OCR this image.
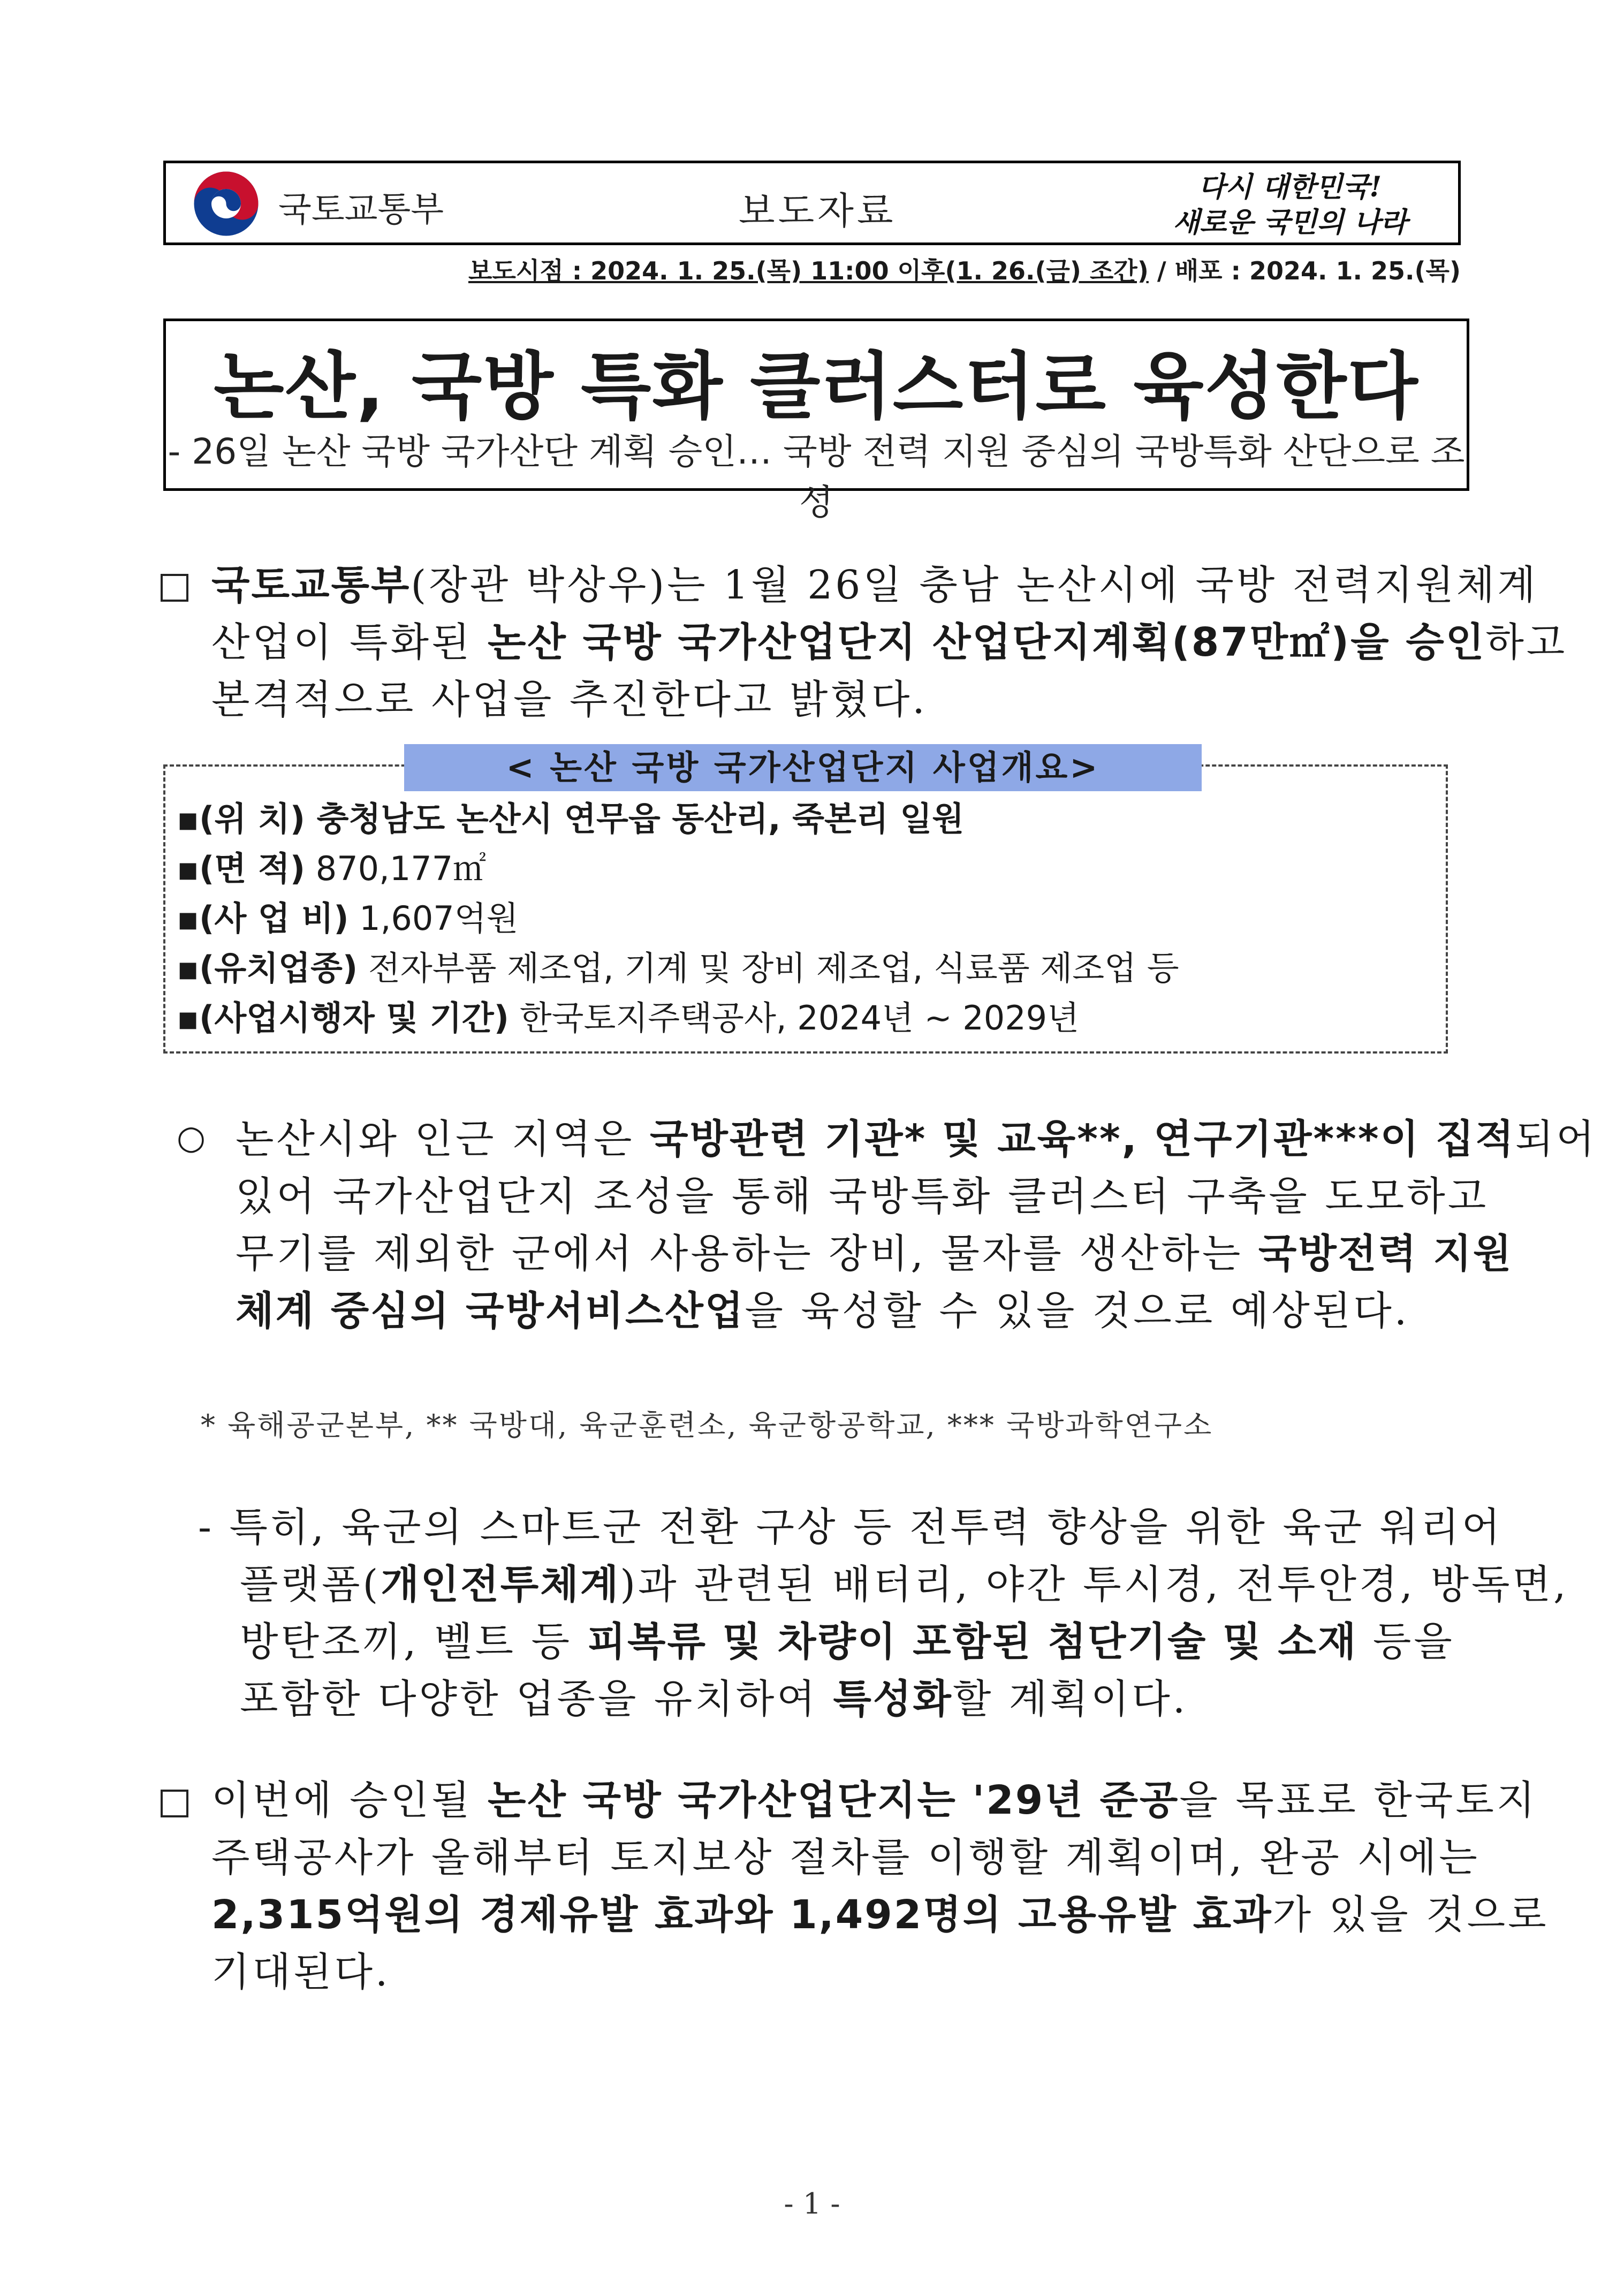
국토교통부	보도자료
다시 대한민국!
새로운 국민의 나라
보도시점 : 2024. 1. 25.(목) 11:00 이후(1. 26.(금) 조간) / 배포 : 2024. 1. 25.(목)
논산, 국방 특화 클러스터로 육성한다
- 26일 논산 국방 국가산단 계획 승인… 국방 전력 지원 중심의 국방특화 산단으로 조성
국토교통부(장관 박상우)는 1월 26일 충남 논산시에 국방 전력지원체계
산업이 특화된 논산 국방 국가산업단지 산업단지계획(87만㎡)을 승인하고
본격적으로 사업을 추진한다고 밝혔다.
< 논산 국방 국가산업단지 사업개요>
▪(위 치) 충청남도 논산시 연무읍 동산리, 죽본리 일원
▪(면 적) 870,177㎡
▪(사 업 비) 1,607억원
▪(유치업종) 전자부품 제조업, 기계 및 장비 제조업, 식료품 제조업 등
▪(사업시행자 및 기간) 한국토지주택공사, 2024년 ~ 2029년
○ 논산시와 인근 지역은 국방관련 기관* 및 교육**, 연구기관***이 집적되어
있어 국가산업단지 조성을 통해 국방특화 클러스터 구축을 도모하고
무기를 제외한 군에서 사용하는 장비, 물자를 생산하는 국방전력 지원
체계 중심의 국방서비스산업을 육성할 수 있을 것으로 예상된다.
* 육해공군본부, ** 국방대, 육군훈련소, 육군항공학교, *** 국방과학연구소
- 특히, 육군의 스마트군 전환 구상 등 전투력 향상을 위한 육군 워리어
플랫폼(개인전투체계)과 관련된 배터리, 야간 투시경, 전투안경, 방독면,
방탄조끼, 벨트 등 피복류 및 차량이 포함된 첨단기술 및 소재 등을
포함한 다양한 업종을 유치하여 특성화할 계획이다.
이번에 승인될 논산 국방 국가산업단지는 '29년 준공을 목표로 한국토지
주택공사가 올해부터 토지보상 절차를 이행할 계획이며, 완공 시에는
2,315억원의 경제유발 효과와 1,492명의 고용유발 효과가 있을 것으로
기대된다.
- 1 -
